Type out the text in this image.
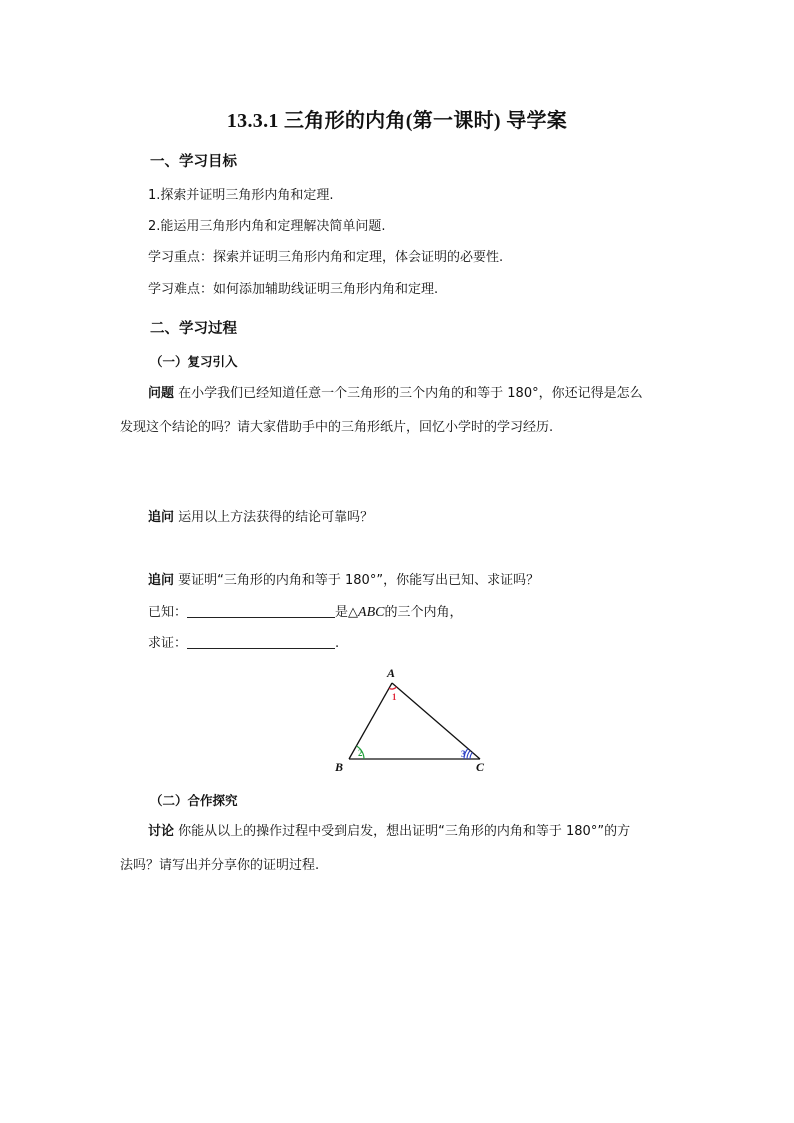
13.3.1 三角形的内角(第一课时) 导学案
一、学习目标
1.探索并证明三角形内角和定理.
2.能运用三角形内角和定理解决简单问题.
学习重点：探索并证明三角形内角和定理，体会证明的必要性.
学习难点：如何添加辅助线证明三角形内角和定理.
二、学习过程
（一）复习引入
问题 在小学我们已经知道任意一个三角形的三个内角的和等于 180°，你还记得是怎么
发现这个结论的吗？请大家借助手中的三角形纸片，回忆小学时的学习经历.
追问 运用以上方法获得的结论可靠吗？
追问 要证明“三角形的内角和等于 180°”，你能写出已知、求证吗？
已知：	是△ABC的三个内角，
求证：	.
A
B	C
1
2	3
（二）合作探究
讨论 你能从以上的操作过程中受到启发，想出证明“三角形的内角和等于 180°”的方
法吗？请写出并分享你的证明过程.
